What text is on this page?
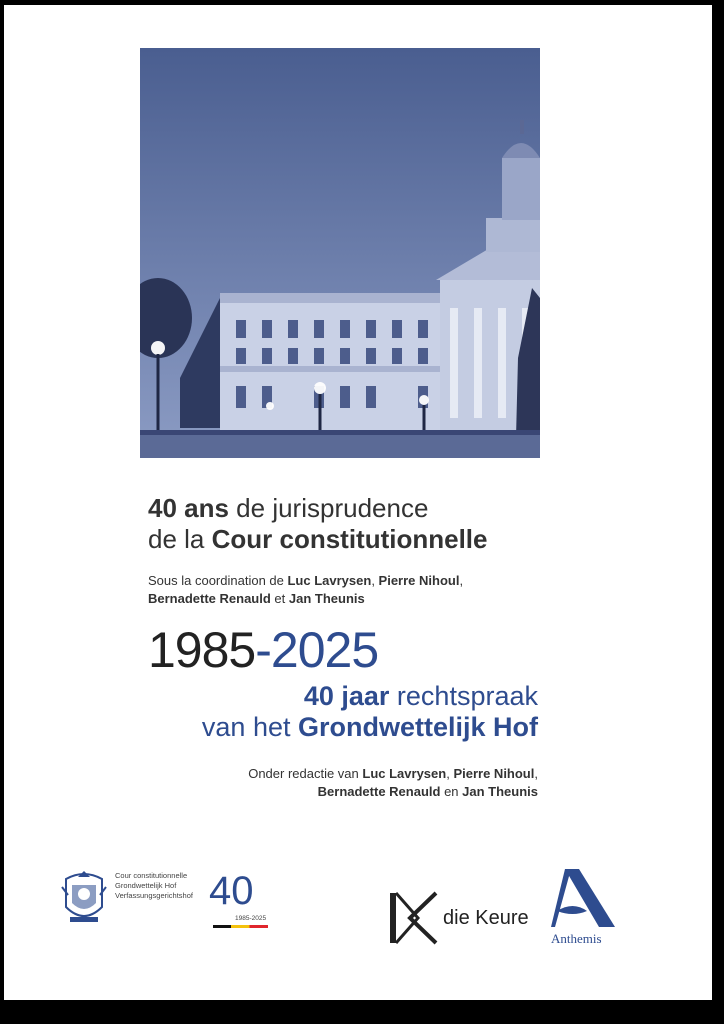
40 ans de jurisprudence
de la Cour constitutionnelle
Sous la coordination de Luc Lavrysen, Pierre Nihoul,
Bernadette Renauld et Jan Theunis
1985-2025
40 jaar rechtspraak
van het Grondwettelijk Hof
Onder redactie van Luc Lavrysen, Pierre Nihoul,
Bernadette Renauld en Jan Theunis
Cour constitutionnelle
Grondwettelijk Hof
Verfassungsgerichtshof 40
1985-2025	die Keure
Anthemis
